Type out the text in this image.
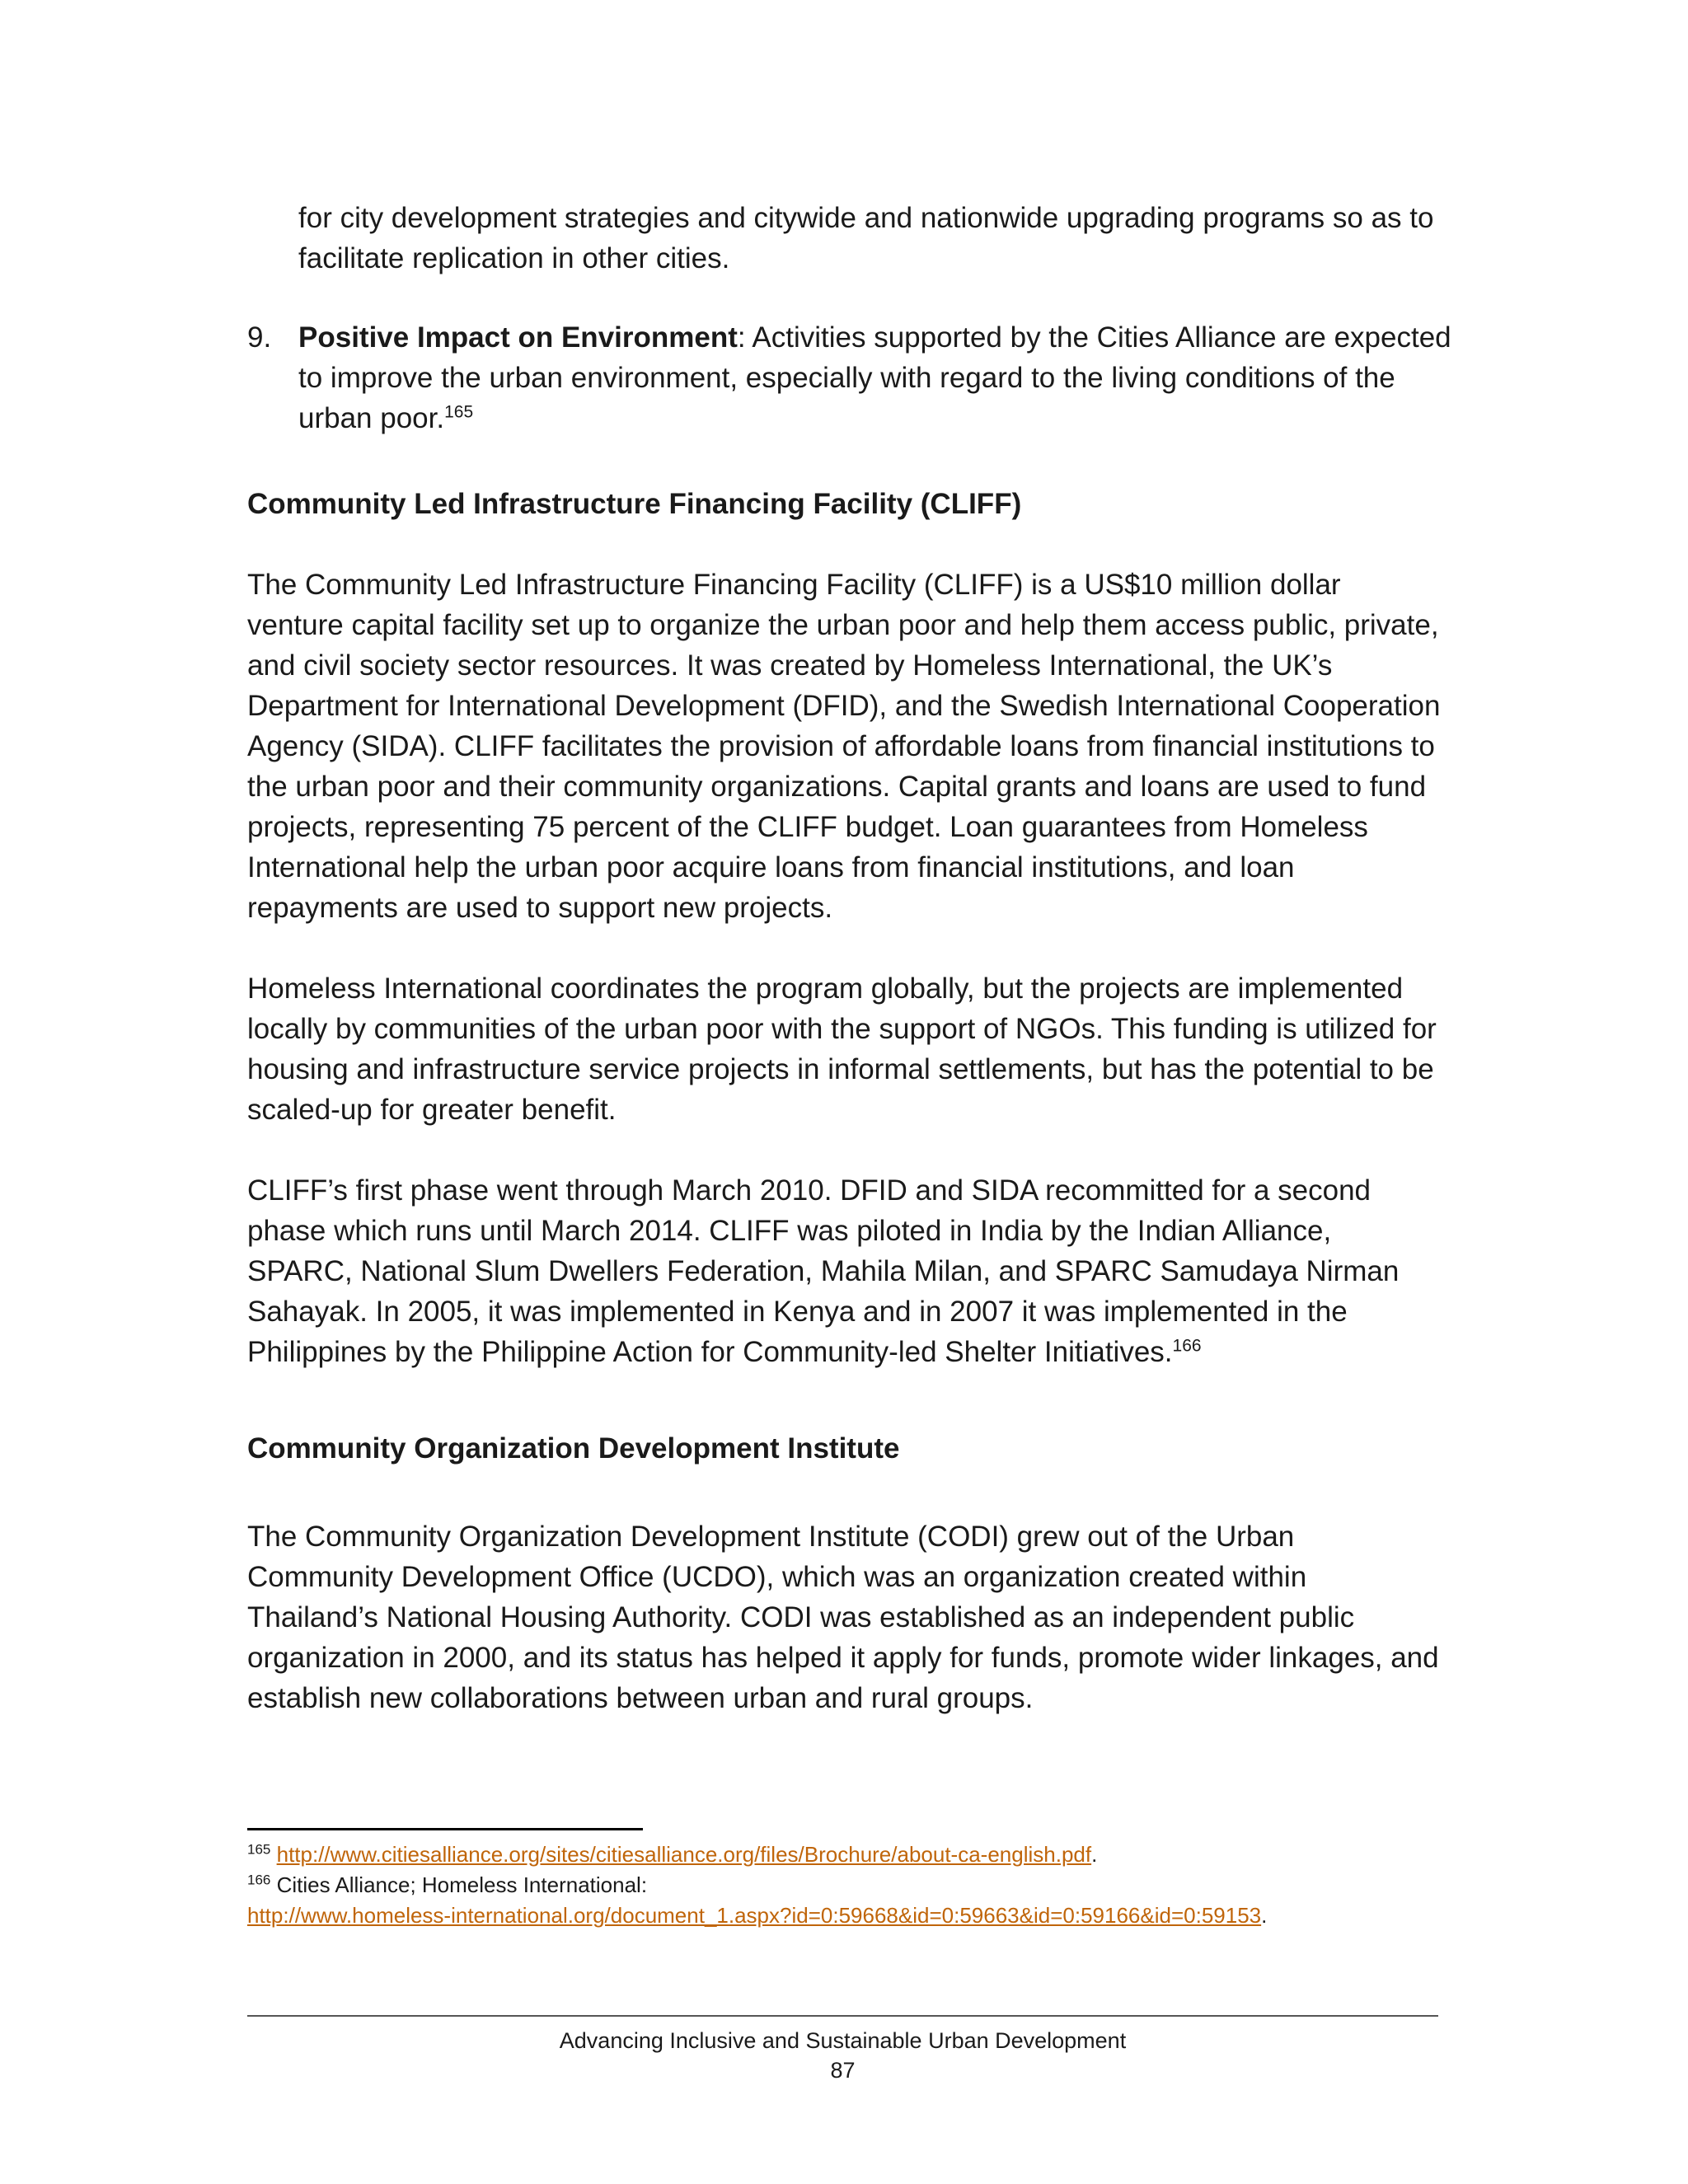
for city development strategies and citywide and nationwide upgrading programs so as to facilitate replication in other cities.

9. Positive Impact on Environment: Activities supported by the Cities Alliance are expected to improve the urban environment, especially with regard to the living conditions of the urban poor.$^{165}$
Community Led Infrastructure Financing Facility (CLIFF)

The Community Led Infrastructure Financing Facility (CLIFF) is a US$10 million dollar venture capital facility set up to organize the urban poor and help them access public, private, and civil society sector resources. It was created by Homeless International, the UK’s Department for International Development (DFID), and the Swedish International Cooperation Agency (SIDA). CLIFF facilitates the provision of affordable loans from financial institutions to the urban poor and their community organizations. Capital grants and loans are used to fund projects, representing 75 percent of the CLIFF budget. Loan guarantees from Homeless International help the urban poor acquire loans from financial institutions, and loan repayments are used to support new projects.

Homeless International coordinates the program globally, but the projects are implemented locally by communities of the urban poor with the support of NGOs. This funding is utilized for housing and infrastructure service projects in informal settlements, but has the potential to be scaled-up for greater benefit.

CLIFF’s first phase went through March 2010. DFID and SIDA recommitted for a second phase which runs until March 2014. CLIFF was piloted in India by the Indian Alliance, SPARC, National Slum Dwellers Federation, Mahila Milan, and SPARC Samudaya Nirman Sahayak. In 2005, it was implemented in Kenya and in 2007 it was implemented in the Philippines by the Philippine Action for Community-led Shelter Initiatives.$^{166}$

Community Organization Development Institute

The Community Organization Development Institute (CODI) grew out of the Urban Community Development Office (UCDO), which was an organization created within Thailand’s National Housing Authority. CODI was established as an independent public organization in 2000, and its status has helped it apply for funds, promote wider linkages, and establish new collaborations between urban and rural groups.

$^{165}$ http://www.citiesalliance.org/sites/citiesalliance.org/files/Brochure/about-ca-english.pdf.
$^{166}$ Cities Alliance; Homeless International:
http://www.homeless-international.org/document_1.aspx?id=0:59668&id=0:59663&id=0:59166&id=0:59153.
Advancing Inclusive and Sustainable Urban Development
87
